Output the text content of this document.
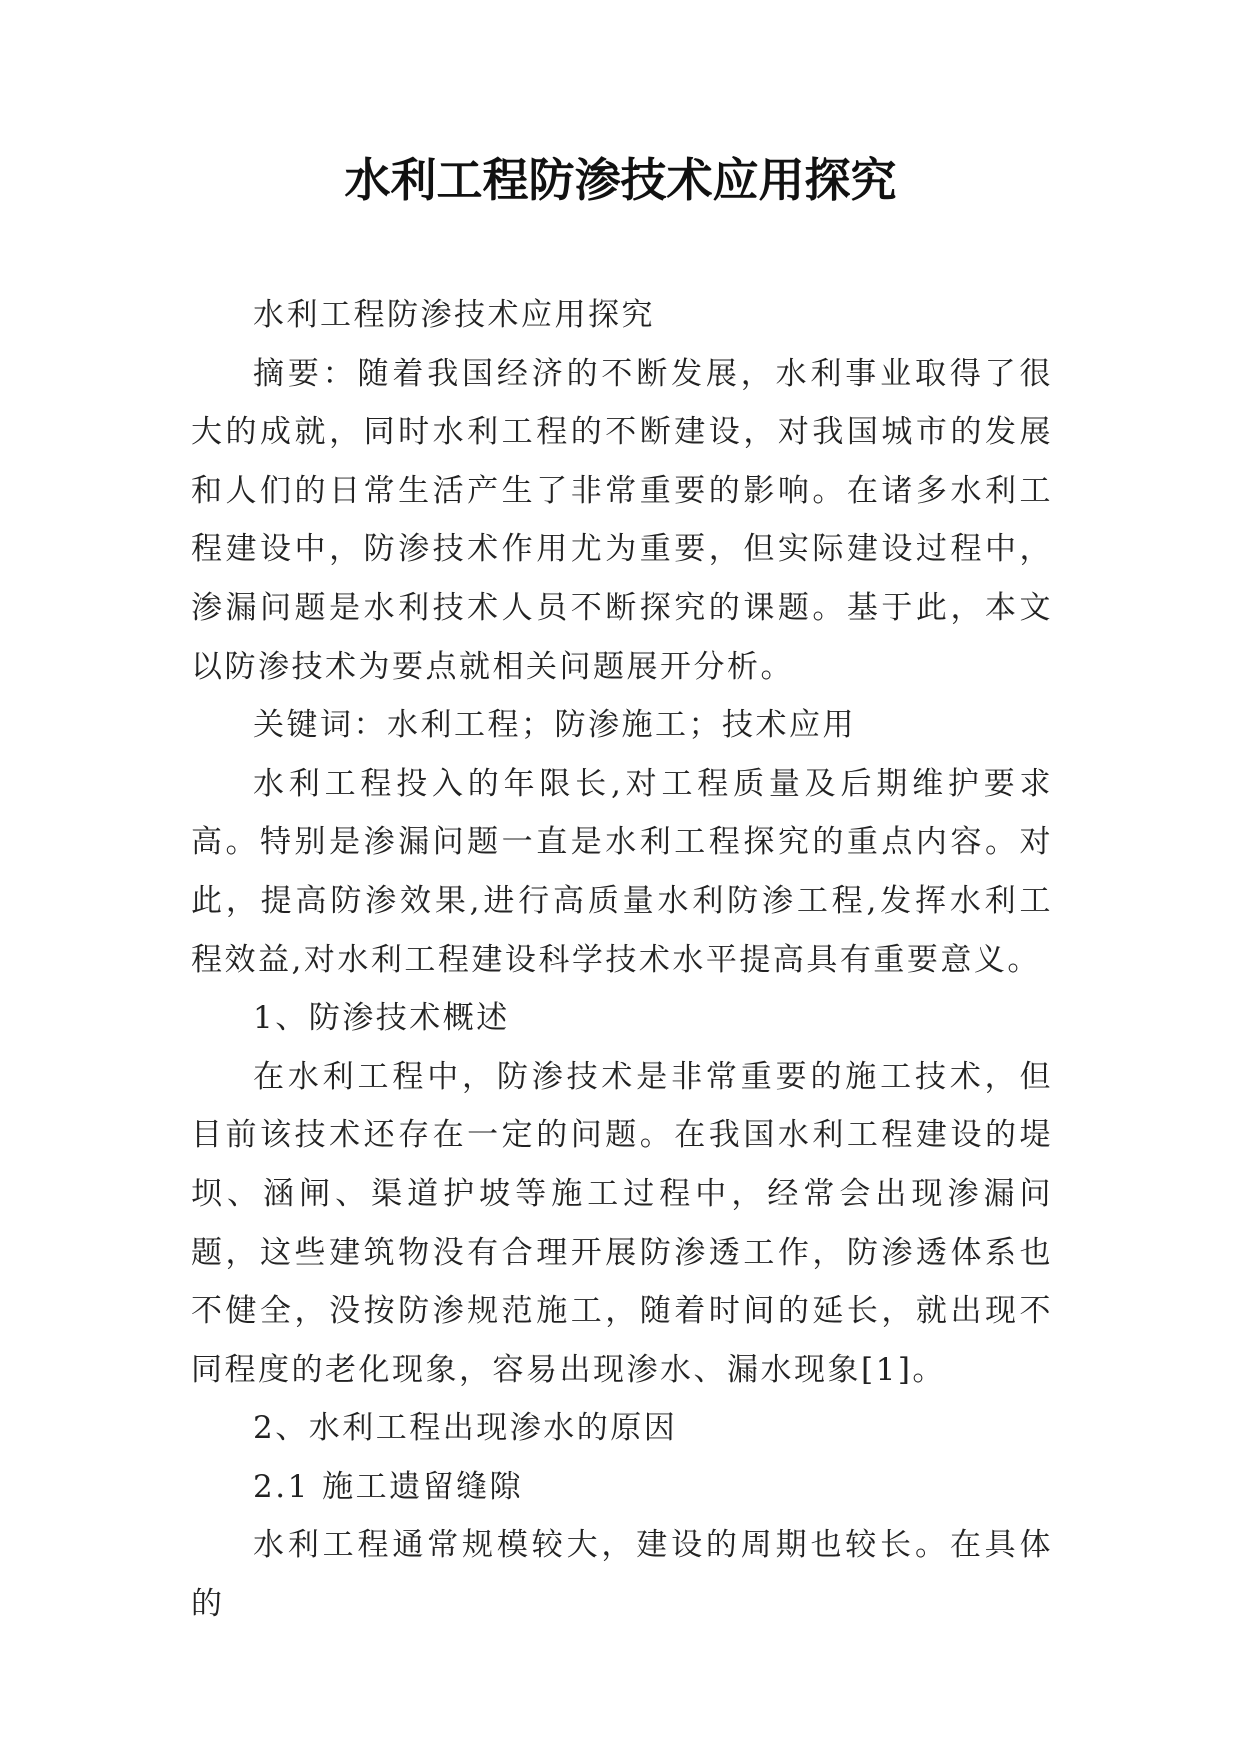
水利工程防渗技术应用探究

水利工程防渗技术应用探究

摘要：随着我国经济的不断发展，水利事业取得了很大的成就，同时水利工程的不断建设，对我国城市的发展和人们的日常生活产生了非常重要的影响。在诸多水利工程建设中，防渗技术作用尤为重要，但实际建设过程中，渗漏问题是水利技术人员不断探究的课题。基于此，本文以防渗技术为要点就相关问题展开分析。

关键词：水利工程；防渗施工；技术应用

水利工程投入的年限长,对工程质量及后期维护要求高。特别是渗漏问题一直是水利工程探究的重点内容。对此，提高防渗效果,进行高质量水利防渗工程,发挥水利工程效益,对水利工程建设科学技术水平提高具有重要意义。

1、防渗技术概述

在水利工程中，防渗技术是非常重要的施工技术，但目前该技术还存在一定的问题。在我国水利工程建设的堤坝、涵闸、渠道护坡等施工过程中，经常会出现渗漏问题，这些建筑物没有合理开展防渗透工作，防渗透体系也不健全，没按防渗规范施工，随着时间的延长，就出现不同程度的老化现象，容易出现渗水、漏水现象[1]。

2、水利工程出现渗水的原因

2.1 施工遗留缝隙

水利工程通常规模较大，建设的周期也较长。在具体的
